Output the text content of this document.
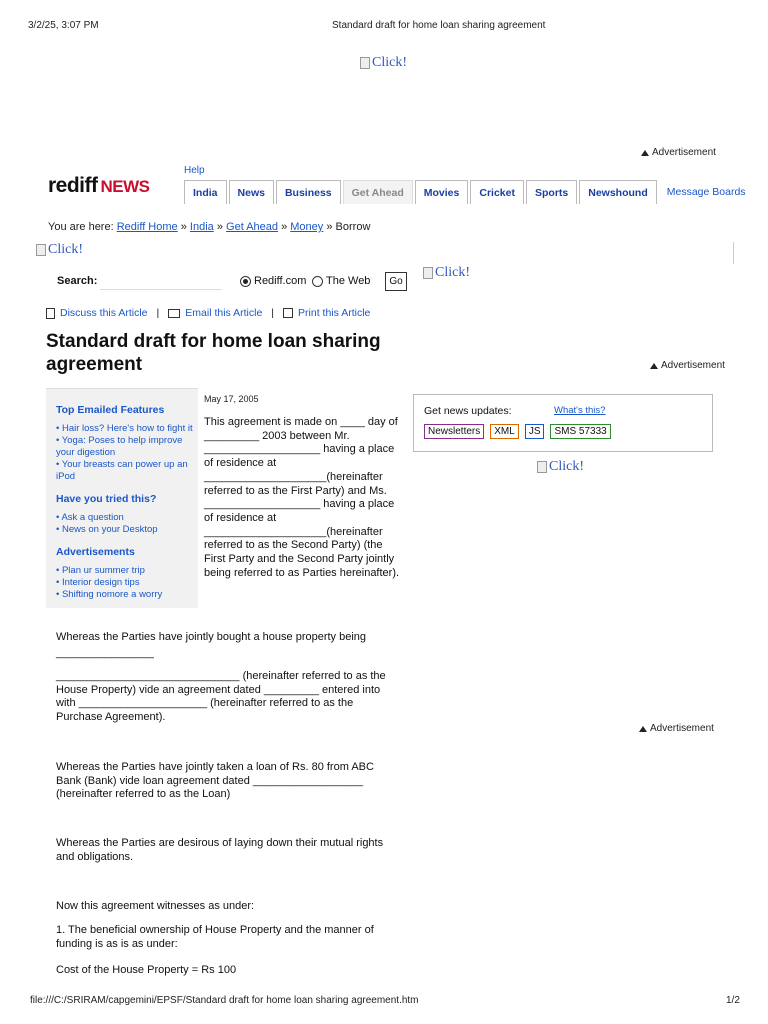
3/2/25, 3:07 PM	Standard draft for home loan sharing agreement
Click!
Advertisement
rediff NEWS
Help
India	News	Business	Get Ahead	Movies	Cricket	Sports	Newshound	Message Boards
You are here: Rediff Home » India » Get Ahead » Money » Borrow
Click!
Search:	Rediff.com The Web	Go
Click!
Discuss this Article | Email this Article | Print this Article
Standard draft for home loan sharing agreement	Advertisement
Top Emailed Features
• Hair loss? Here's how to fight it
• Yoga: Poses to help improve your digestion
• Your breasts can power up an iPod
Have you tried this?
• Ask a question
• News on your Desktop
Advertisements
• Plan ur summer trip
• Interior design tips
• Shifting nomore a worry
May 17, 2005
This agreement is made on ____ day of _________ 2003 between Mr. ___________________ having a place of residence at ____________________(hereinafter referred to as the First Party) and Ms. ___________________ having a place of residence at ____________________(hereinafter referred to as the Second Party) (the First Party and the Second Party jointly being referred to as Parties hereinafter).
Get news updates:	What's this?
Newsletters	XML	JS	SMS 57333
Click!
Whereas the Parties have jointly bought a house property being
________________
______________________________ (hereinafter referred to as the House Property) vide an agreement dated _________ entered into with _____________________ (hereinafter referred to as the Purchase Agreement).
Advertisement
Whereas the Parties have jointly taken a loan of Rs. 80 from ABC Bank (Bank) vide loan agreement dated __________________ (hereinafter referred to as the Loan)
Whereas the Parties are desirous of laying down their mutual rights and obligations.
Now this agreement witnesses as under:
1. The beneficial ownership of House Property and the manner of funding is as is as under:
Cost of the House Property = Rs 100
file:///C:/SRIRAM/capgemini/EPSF/Standard draft for home loan sharing agreement.htm	1/2
